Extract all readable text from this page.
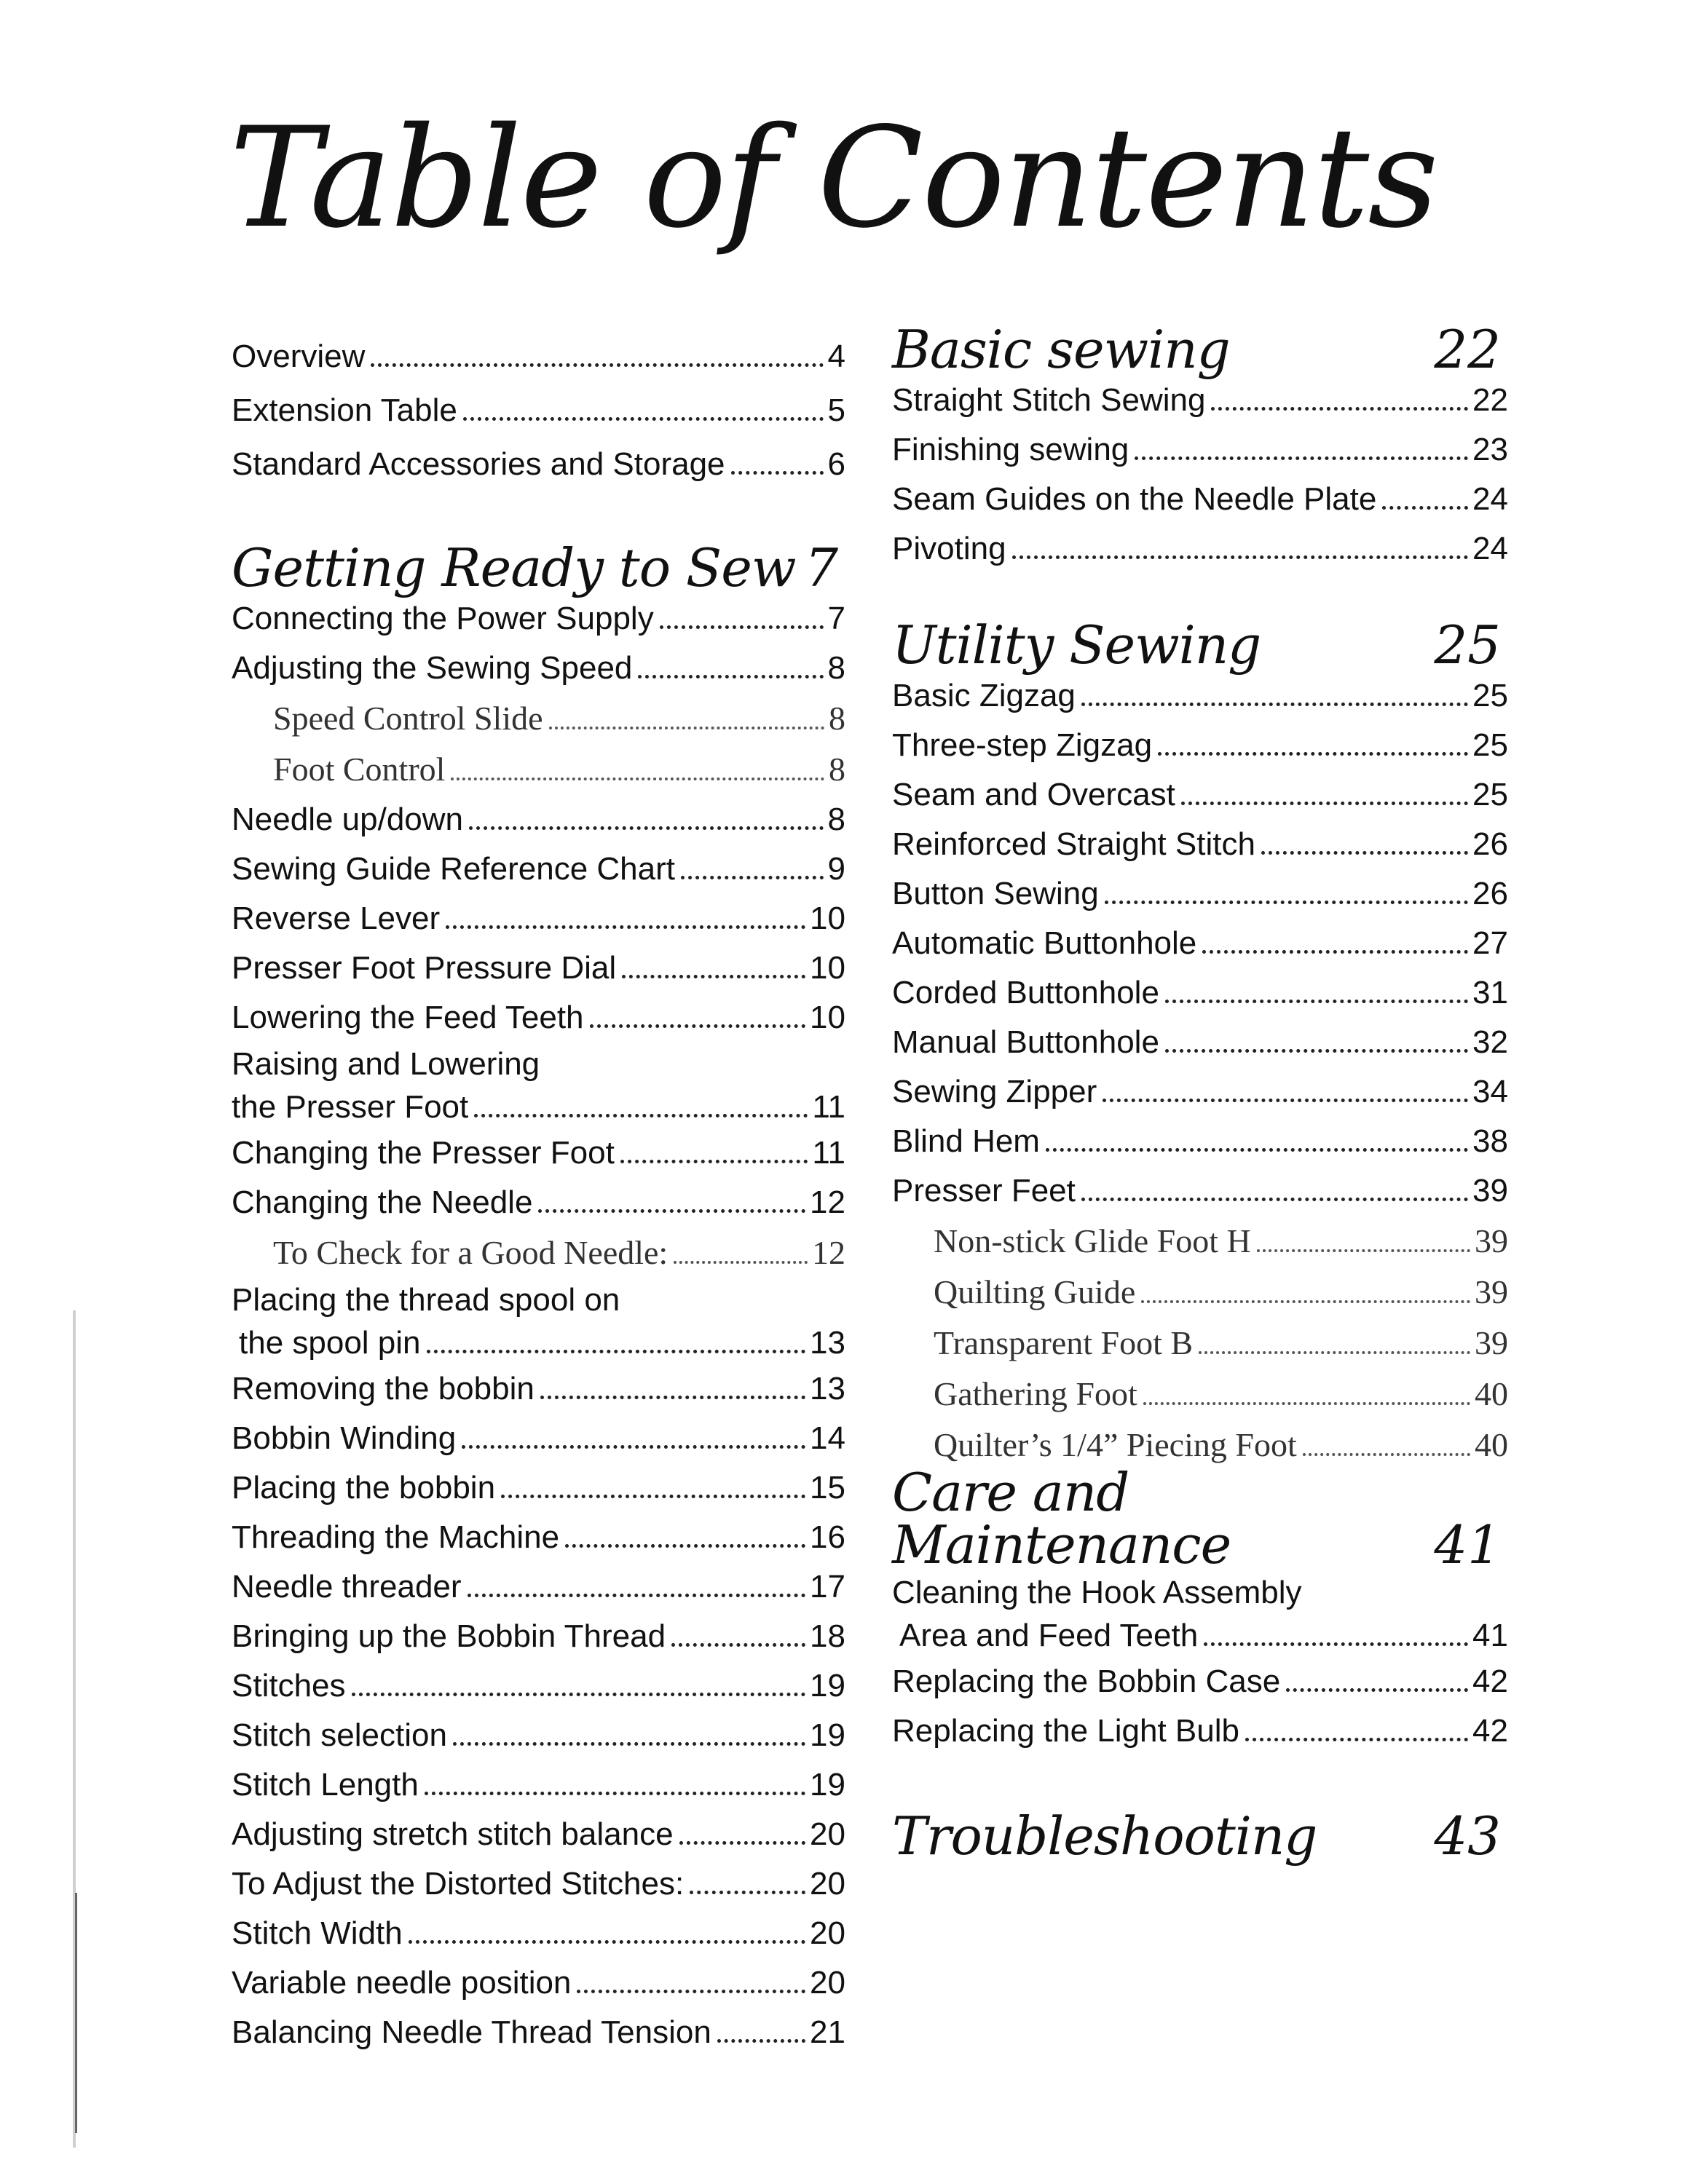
Table of Contents
Overview	4
Extension Table	5
Standard Accessories and Storage	6
Getting Ready to Sew 7
Connecting the Power Supply	7
Adjusting the Sewing Speed	8
Speed Control Slide	8
Foot Control	8
Needle up/down	8
Sewing Guide Reference Chart	9
Reverse Lever	10
Presser Foot Pressure Dial	10
Lowering the Feed Teeth	10
Raising and Lowering
the Presser Foot	11
Changing the Presser Foot	11
Changing the Needle	12
To Check for a Good Needle:	12
Placing the thread spool on
the spool pin	13
Removing the bobbin	13
Bobbin Winding	14
Placing the bobbin	15
Threading the Machine	16
Needle threader	17
Bringing up the Bobbin Thread	18
Stitches	19
Stitch selection	19
Stitch Length	19
Adjusting stretch stitch balance	20
To Adjust the Distorted Stitches:	20
Stitch Width	20
Variable needle position	20
Balancing Needle Thread Tension	21
Basic sewing	22
Straight Stitch Sewing	22
Finishing sewing	23
Seam Guides on the Needle Plate	24
Pivoting	24
Utility Sewing	25
Basic Zigzag	25
Three-step Zigzag	25
Seam and Overcast	25
Reinforced Straight Stitch	26
Button Sewing	26
Automatic Buttonhole	27
Corded Buttonhole	31
Manual Buttonhole	32
Sewing Zipper	34
Blind Hem	38
Presser Feet	39
Non-stick Glide Foot H	39
Quilting Guide	39
Transparent Foot B	39
Gathering Foot	40
Quilter’s 1/4” Piecing Foot	40
Care and Maintenance	41
Cleaning the Hook Assembly
Area and Feed Teeth	41
Replacing the Bobbin Case	42
Replacing the Light Bulb	42
Troubleshooting 43
